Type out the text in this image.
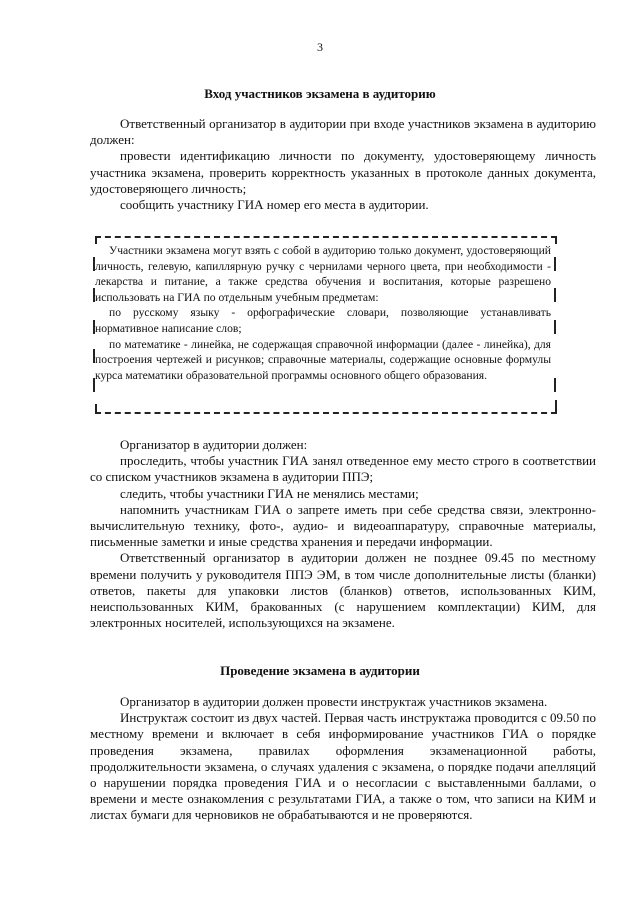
3
Вход участников экзамена в аудиторию

Ответственный организатор в аудитории при входе участников экзамена в аудиторию должен:

провести идентификацию личности по документу, удостоверяющему личность участника экзамена, проверить корректность указанных в протоколе данных документа, удостоверяющего личность;

сообщить участнику ГИА номер его места в аудитории.

Участники экзамена могут взять с собой в аудиторию только документ, удостоверяющий личность, гелевую, капиллярную ручку с чернилами черного цвета, при необходимости - лекарства и питание, а также средства обучения и воспитания, которые разрешено использовать на ГИА по отдельным учебным предметам:

по русскому языку - орфографические словари, позволяющие устанавливать нормативное написание слов;

по математике - линейка, не содержащая справочной информации (далее - линейка), для построения чертежей и рисунков; справочные материалы, содержащие основные формулы курса математики образовательной программы основного общего образования.

Организатор в аудитории должен:

проследить, чтобы участник ГИА занял отведенное ему место строго в соответствии со списком участников экзамена в аудитории ППЭ;

следить, чтобы участники ГИА не менялись местами;

напомнить участникам ГИА о запрете иметь при себе средства связи, электронно-вычислительную технику, фото-, аудио- и видеоаппаратуру, справочные материалы, письменные заметки и иные средства хранения и передачи информации.

Ответственный организатор в аудитории должен не позднее 09.45 по местному времени получить у руководителя ППЭ ЭМ, в том числе дополнительные листы (бланки) ответов, пакеты для упаковки листов (бланков) ответов, использованных КИМ, неиспользованных КИМ, бракованных (с нарушением комплектации) КИМ, для электронных носителей, использующихся на экзамене.

Проведение экзамена в аудитории

Организатор в аудитории должен провести инструктаж участников экзамена.

Инструктаж состоит из двух частей. Первая часть инструктажа проводится с 09.50 по местному времени и включает в себя информирование участников ГИА о порядке проведения экзамена, правилах оформления экзаменационной работы, продолжительности экзамена, о случаях удаления с экзамена, о порядке подачи апелляций о нарушении порядка проведения ГИА и о несогласии с выставленными баллами, о времени и месте ознакомления с результатами ГИА, а также о том, что записи на КИМ и листах бумаги для черновиков не обрабатываются и не проверяются.
